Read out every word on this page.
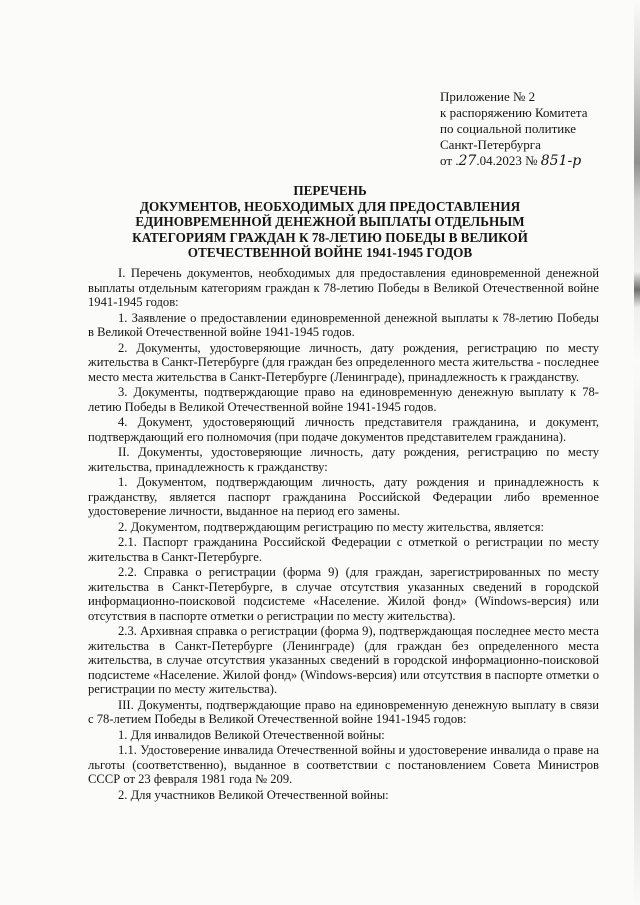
Приложение № 2
к распоряжению Комитета
по социальной политике
Санкт-Петербурга
от .27.04.2023 № 851-р
ПЕРЕЧЕНЬ
ДОКУМЕНТОВ, НЕОБХОДИМЫХ ДЛЯ ПРЕДОСТАВЛЕНИЯ
ЕДИНОВРЕМЕННОЙ ДЕНЕЖНОЙ ВЫПЛАТЫ ОТДЕЛЬНЫМ
КАТЕГОРИЯМ ГРАЖДАН К 78-ЛЕТИЮ ПОБЕДЫ В ВЕЛИКОЙ
ОТЕЧЕСТВЕННОЙ ВОЙНЕ 1941-1945 ГОДОВ

I. Перечень документов, необходимых для предоставления единовременной денежной выплаты отдельным категориям граждан к 78-летию Победы в Великой Отечественной войне 1941-1945 годов:

1. Заявление о предоставлении единовременной денежной выплаты к 78-летию Победы в Великой Отечественной войне 1941-1945 годов.

2. Документы, удостоверяющие личность, дату рождения, регистрацию по месту жительства в Санкт-Петербурге (для граждан без определенного места жительства - последнее место места жительства в Санкт-Петербурге (Ленинграде), принадлежность к гражданству.

3. Документы, подтверждающие право на единовременную денежную выплату к 78-летию Победы в Великой Отечественной войне 1941-1945 годов.

4. Документ, удостоверяющий личность представителя гражданина, и документ, подтверждающий его полномочия (при подаче документов представителем гражданина).

II. Документы, удостоверяющие личность, дату рождения, регистрацию по месту жительства, принадлежность к гражданству:

1. Документом, подтверждающим личность, дату рождения и принадлежность к гражданству, является паспорт гражданина Российской Федерации либо временное удостоверение личности, выданное на период его замены.

2. Документом, подтверждающим регистрацию по месту жительства, является:

2.1. Паспорт гражданина Российской Федерации с отметкой о регистрации по месту жительства в Санкт-Петербурге.

2.2. Справка о регистрации (форма 9) (для граждан, зарегистрированных по месту жительства в Санкт-Петербурге, в случае отсутствия указанных сведений в городской информационно-поисковой подсистеме «Население. Жилой фонд» (Windows-версия) или отсутствия в паспорте отметки о регистрации по месту жительства).

2.3. Архивная справка о регистрации (форма 9), подтверждающая последнее место места жительства в Санкт-Петербурге (Ленинграде) (для граждан без определенного места жительства, в случае отсутствия указанных сведений в городской информационно-поисковой подсистеме «Население. Жилой фонд» (Windows-версия) или отсутствия в паспорте отметки о регистрации по месту жительства).

III. Документы, подтверждающие право на единовременную денежную выплату в связи с 78-летием Победы в Великой Отечественной войне 1941-1945 годов:

1. Для инвалидов Великой Отечественной войны:

1.1. Удостоверение инвалида Отечественной войны и удостоверение инвалида о праве на льготы (соответственно), выданное в соответствии с постановлением Совета Министров СССР от 23 февраля 1981 года № 209.

2. Для участников Великой Отечественной войны:
